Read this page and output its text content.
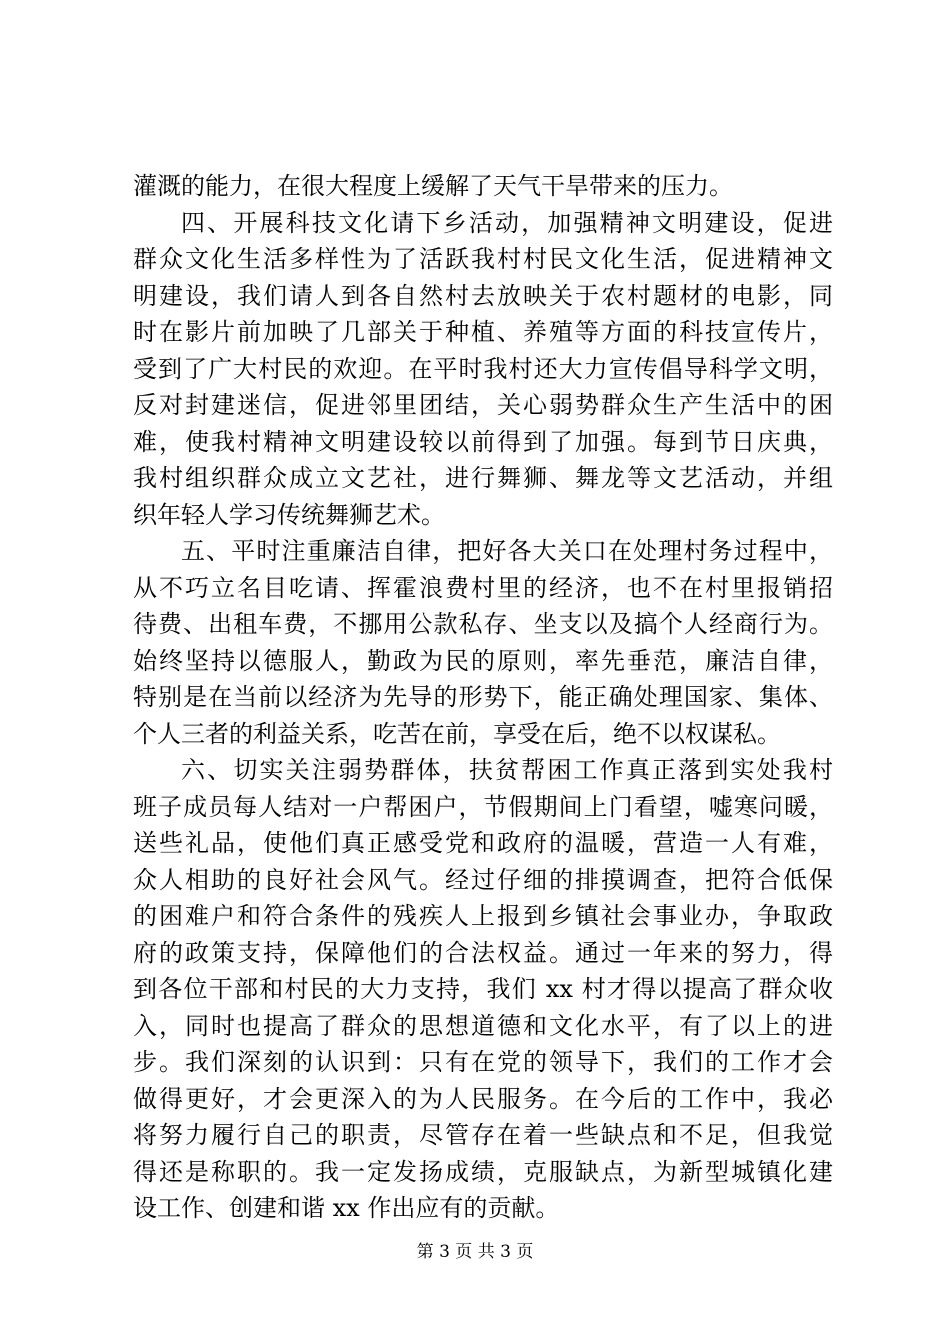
灌溉的能力，在很大程度上缓解了天气干旱带来的压力。
四、开展科技文化请下乡活动，加强精神文明建设，促进
群众文化生活多样性为了活跃我村村民文化生活，促进精神文
明建设，我们请人到各自然村去放映关于农村题材的电影，同
时在影片前加映了几部关于种植、养殖等方面的科技宣传片，
受到了广大村民的欢迎。在平时我村还大力宣传倡导科学文明，
反对封建迷信，促进邻里团结，关心弱势群众生产生活中的困
难，使我村精神文明建设较以前得到了加强。每到节日庆典，
我村组织群众成立文艺社，进行舞狮、舞龙等文艺活动，并组
织年轻人学习传统舞狮艺术。
五、平时注重廉洁自律，把好各大关口在处理村务过程中，
从不巧立名目吃请、挥霍浪费村里的经济，也不在村里报销招
待费、出租车费，不挪用公款私存、坐支以及搞个人经商行为。
始终坚持以德服人，勤政为民的原则，率先垂范，廉洁自律，
特别是在当前以经济为先导的形势下，能正确处理国家、集体、
个人三者的利益关系，吃苦在前，享受在后，绝不以权谋私。
六、切实关注弱势群体，扶贫帮困工作真正落到实处我村
班子成员每人结对一户帮困户，节假期间上门看望，嘘寒问暖，
送些礼品，使他们真正感受党和政府的温暖，营造一人有难，
众人相助的良好社会风气。经过仔细的排摸调查，把符合低保
的困难户和符合条件的残疾人上报到乡镇社会事业办，争取政
府的政策支持，保障他们的合法权益。通过一年来的努力，得
到各位干部和村民的大力支持，我们 xx 村才得以提高了群众收
入，同时也提高了群众的思想道德和文化水平，有了以上的进
步。我们深刻的认识到：只有在党的领导下，我们的工作才会
做得更好，才会更深入的为人民服务。在今后的工作中，我必
将努力履行自己的职责，尽管存在着一些缺点和不足，但我觉
得还是称职的。我一定发扬成绩，克服缺点，为新型城镇化建
设工作、创建和谐 xx 作出应有的贡献。
第 3 页 共 3 页
